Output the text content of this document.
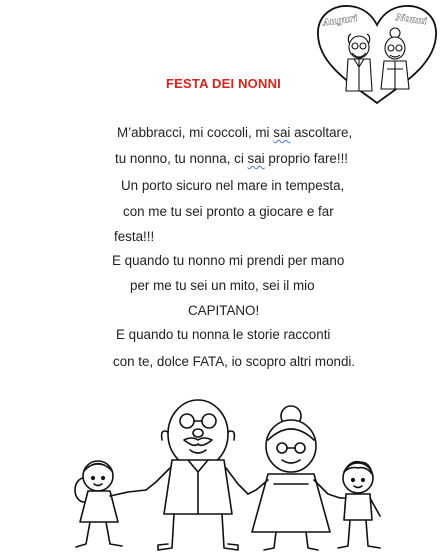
Auguri	Nonni
FESTA DEI NONNI
M’abbracci, mi coccoli, mi sai ascoltare,
tu nonno, tu nonna, ci sai proprio fare!!!
Un porto sicuro nel mare in tempesta,
con me tu sei pronto a giocare e far
festa!!!
E quando tu nonno mi prendi per mano
per me tu sei un mito, sei il mio
CAPITANO!
E quando tu nonna le storie racconti
con te, dolce FATA, io scopro altri mondi.
